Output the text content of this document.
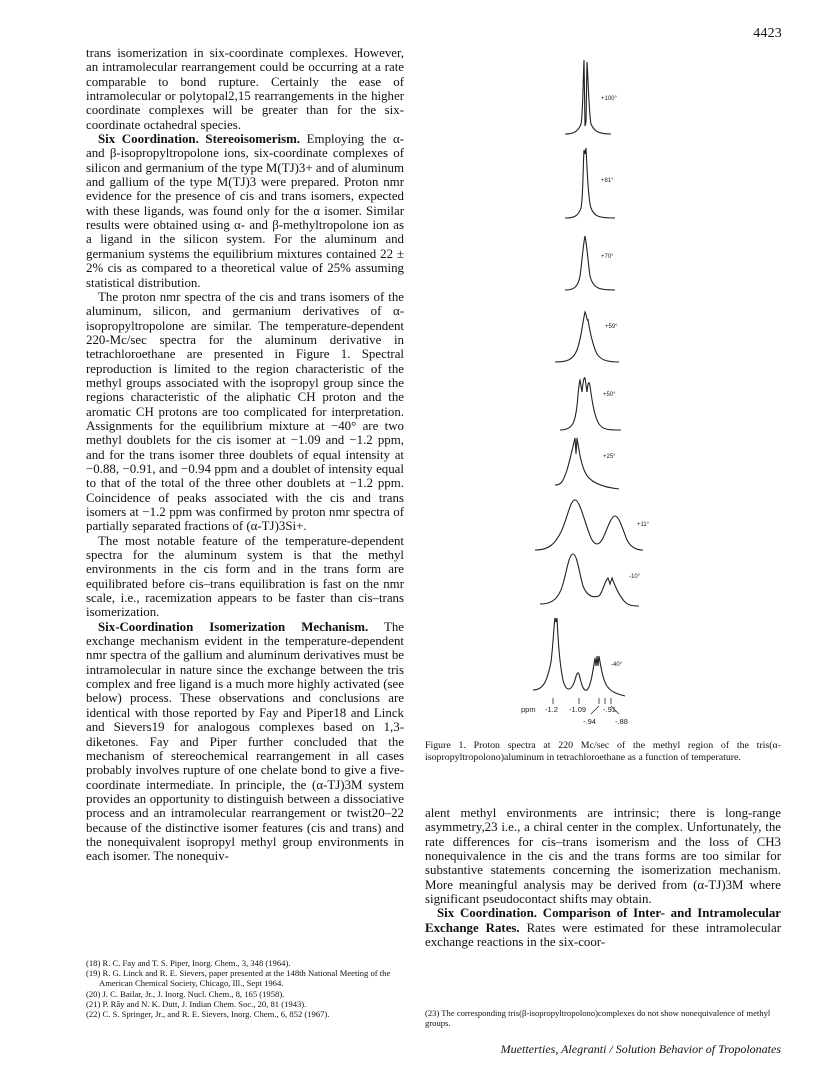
4423

trans isomerization in six-coordinate complexes. However, an intramolecular rearrangement could be occurring at a rate comparable to bond rupture. Certainly the ease of intramolecular or polytopal2,15 rearrangements in the higher coordinate complexes will be greater than for the six-coordinate octahedral species.

Six Coordination. Stereoisomerism. Employing the α- and β-isopropyltropolone ions, six-coordinate complexes of silicon and germanium of the type M(TJ)3+ and of aluminum and gallium of the type M(TJ)3 were prepared. Proton nmr evidence for the presence of cis and trans isomers, expected with these ligands, was found only for the α isomer. Similar results were obtained using α- and β-methyltropolone ion as a ligand in the silicon system. For the aluminum and germanium systems the equilibrium mixtures contained 22 ± 2% cis as compared to a theoretical value of 25% assuming statistical distribution.

The proton nmr spectra of the cis and trans isomers of the aluminum, silicon, and germanium derivatives of α-isopropyltropolone are similar. The temperature-dependent 220-Mc/sec spectra for the aluminum derivative in tetrachloroethane are presented in Figure 1. Spectral reproduction is limited to the region characteristic of the methyl groups associated with the isopropyl group since the regions characteristic of the aliphatic CH proton and the aromatic CH protons are too complicated for interpretation. Assignments for the equilibrium mixture at −40° are two methyl doublets for the cis isomer at −1.09 and −1.2 ppm, and for the trans isomer three doublets of equal intensity at −0.88, −0.91, and −0.94 ppm and a doublet of intensity equal to that of the total of the three other doublets at −1.2 ppm. Coincidence of peaks associated with the cis and trans isomers at −1.2 ppm was confirmed by proton nmr spectra of partially separated fractions of (α-TJ)3Si+.

The most notable feature of the temperature-dependent spectra for the aluminum system is that the methyl environments in the cis form and in the trans form are equilibrated before cis–trans equilibration is fast on the nmr scale, i.e., racemization appears to be faster than cis–trans isomerization.

Six-Coordination Isomerization Mechanism. The exchange mechanism evident in the temperature-dependent nmr spectra of the gallium and aluminum derivatives must be intramolecular in nature since the exchange between the tris complex and free ligand is a much more highly activated (see below) process. These observations and conclusions are identical with those reported by Fay and Piper18 and Linck and Sievers19 for analogous complexes based on 1,3-diketones. Fay and Piper further concluded that the mechanism of stereochemical rearrangement in all cases probably involves rupture of one chelate bond to give a five-coordinate intermediate. In principle, the (α-TJ)3M system provides an opportunity to distinguish between a dissociative process and an intramolecular rearrangement or twist20–22 because of the distinctive isomer features (cis and trans) and the nonequivalent isopropyl methyl group environments in each isomer. The nonequiv-

(18) R. C. Fay and T. S. Piper, Inorg. Chem., 3, 348 (1964).
(19) R. G. Linck and R. E. Sievers, paper presented at the 148th National Meeting of the American Chemical Society, Chicago, Ill., Sept 1964.
(20) J. C. Bailar, Jr., J. Inorg. Nucl. Chem., 8, 165 (1958).
(21) P. Rây and N. K. Dutt, J. Indian Chem. Soc., 20, 81 (1943).
(22) C. S. Springer, Jr., and R. E. Sievers, Inorg. Chem., 6, 852 (1967).
+100°
+81°
+70°
+59°
+50°
+25°
+11°
-10°
-40°
ppm -1.2 -1.09 -.91
-.94	-.88
Figure 1. Proton spectra at 220 Mc/sec of the methyl region of the tris(α-isopropyltropolono)aluminum in tetrachloroethane as a function of temperature.

alent methyl environments are intrinsic; there is long-range asymmetry,23 i.e., a chiral center in the complex. Unfortunately, the rate differences for cis–trans isomerism and the loss of CH3 nonequivalence in the cis and the trans forms are too similar for substantive statements concerning the isomerization mechanism. More meaningful analysis may be derived from (α-TJ)3M where significant pseudocontact shifts may obtain.

Six Coordination. Comparison of Inter- and Intramolecular Exchange Rates. Rates were estimated for these intramolecular exchange reactions in the six-coor-

(23) The corresponding tris(β-isopropyltropolono)complexes do not show nonequivalence of methyl groups.
Muetterties, Alegranti / Solution Behavior of Tropolonates
